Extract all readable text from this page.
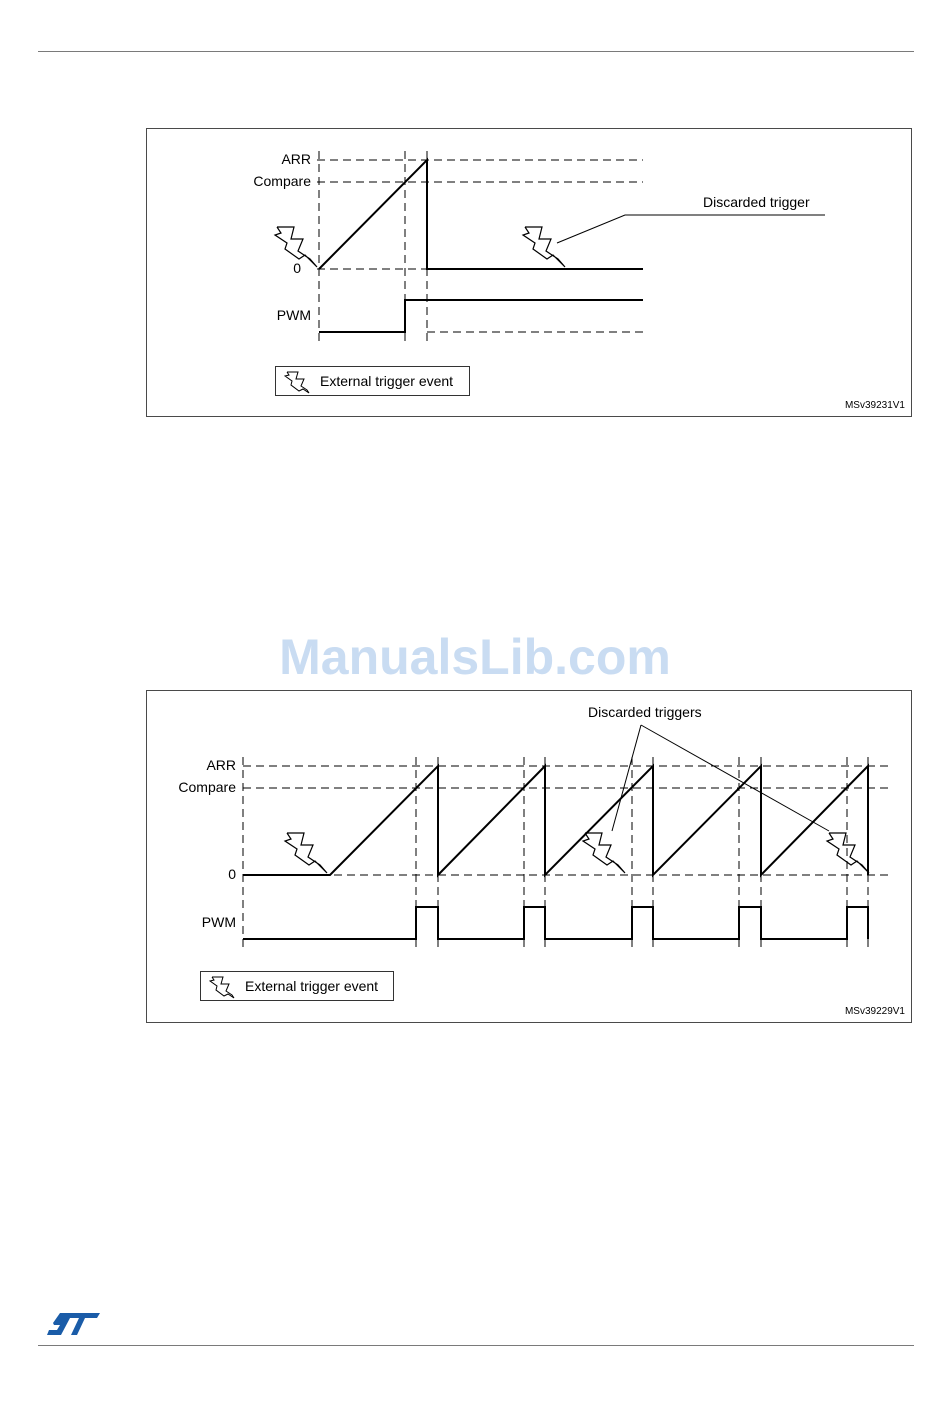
ARR
Compare
0
PWM
Discarded trigger
External trigger event
MSv39231V1
ManualsLib.com
ARR
Compare
0
PWM
Discarded triggers
External trigger event
MSv39229V1
